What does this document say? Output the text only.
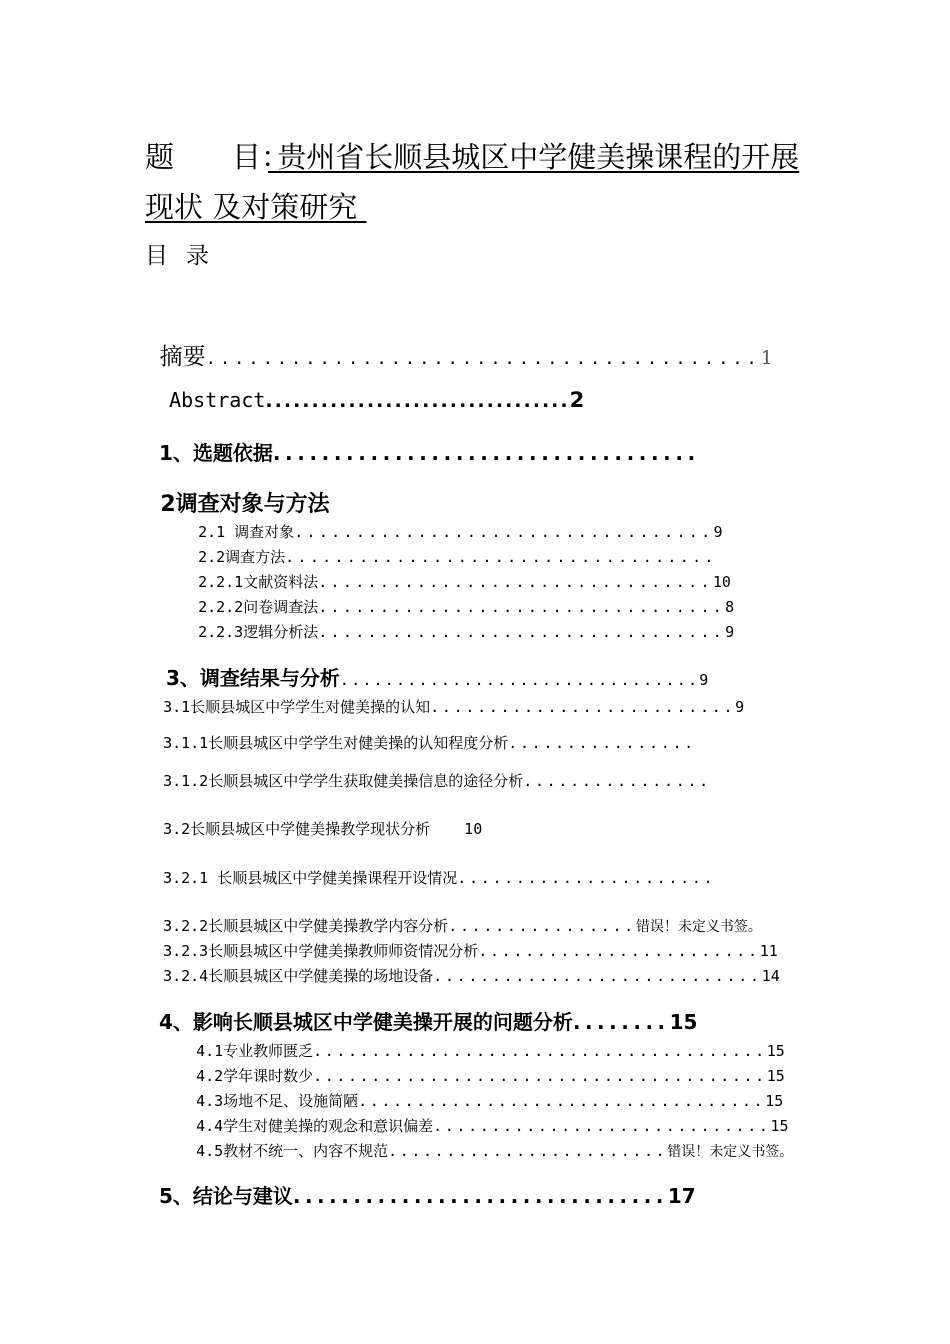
题　　目：
贵州省长顺县城区中学健美操课程的开展
现状 及对策研究
目录

摘要.......................................1

Abstract.................................2

1、选题依据...................................

2调查对象与方法

2.1 调查对象..................................9

2.2调查方法...................................

2.2.1文献资料法................................10

2.2.2问卷调查法.................................8

2.2.3逻辑分析法.................................9

3、调查结果与分析................................9

3.1长顺县城区中学学生对健美操的认知..........................9

3.1.1长顺县城区中学学生对健美操的认知程度分析................

3.1.2长顺县城区中学学生获取健美操信息的途径分析................

3.2长顺县城区中学健美操教学现状分析 10

3.2.1 长顺县城区中学健美操课程开设情况......................

3.2.2长顺县城区中学健美操教学内容分析................错误！未定义书签。

3.2.3长顺县城区中学健美操教师师资情况分析........................11

3.2.4长顺县城区中学健美操的场地设备............................14

4、影响长顺县城区中学健美操开展的问题分析........15

4.1专业教师匮乏.......................................15

4.2学年课时数少.......................................15

4.3场地不足、设施简陋...................................15

4.4学生对健美操的观念和意识偏差.............................15

4.5教材不统一、内容不规范........................错误！未定义书签。

5、结论与建议...............................17
